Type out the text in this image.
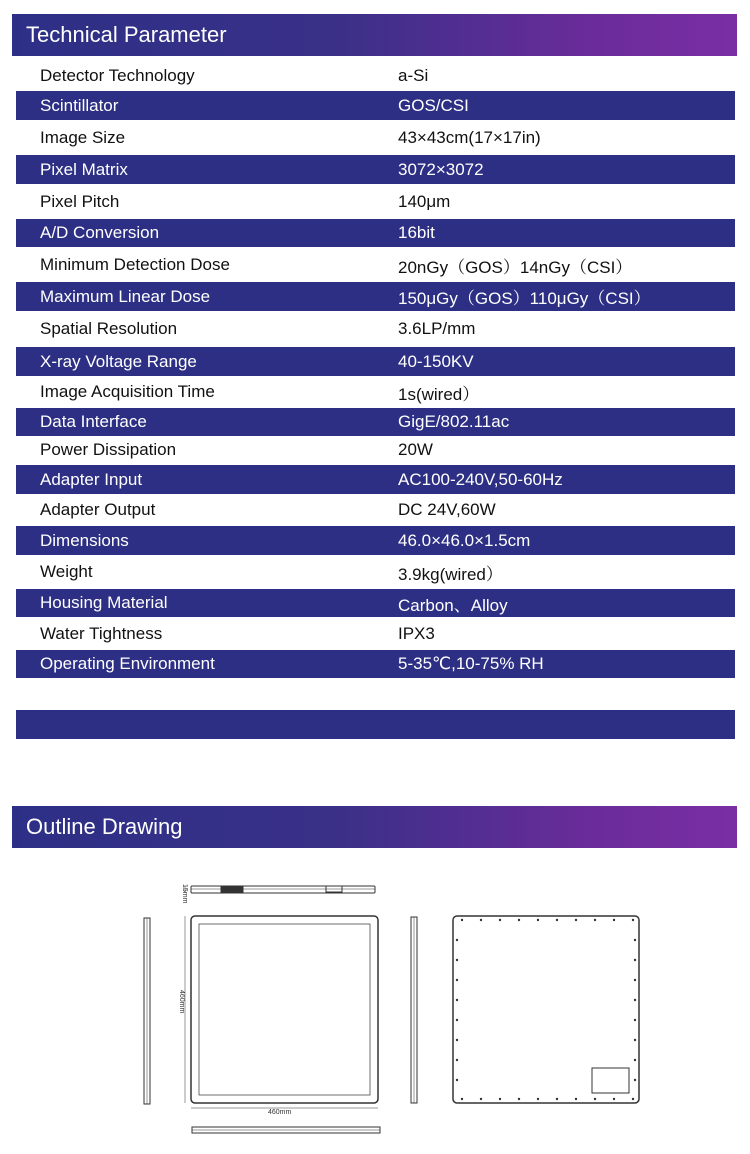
Technical Parameter
Detector Technology	a-Si
Scintillator	GOS/CSI
Image Size	43×43cm(17×17in)
Pixel Matrix	3072×3072
Pixel Pitch	140μm
A/D Conversion	16bit
Minimum Detection Dose	20nGy（GOS）14nGy（CSI）
Maximum Linear Dose	150μGy（GOS）110μGy（CSI）
Spatial Resolution	3.6LP/mm
X-ray Voltage Range	40-150KV
Image Acquisition Time	1s(wired）
Data Interface	GigE/802.11ac
Power Dissipation	20W
Adapter Input	AC100-240V,50-60Hz
Adapter Output	DC 24V,60W
Dimensions	46.0×46.0×1.5cm
Weight	3.9kg(wired）
Housing Material	Carbon、Alloy
Water Tightness	IPX3
Operating Environment	5-35℃,10-75% RH
Outline Drawing
15mm
460mm
460mm
